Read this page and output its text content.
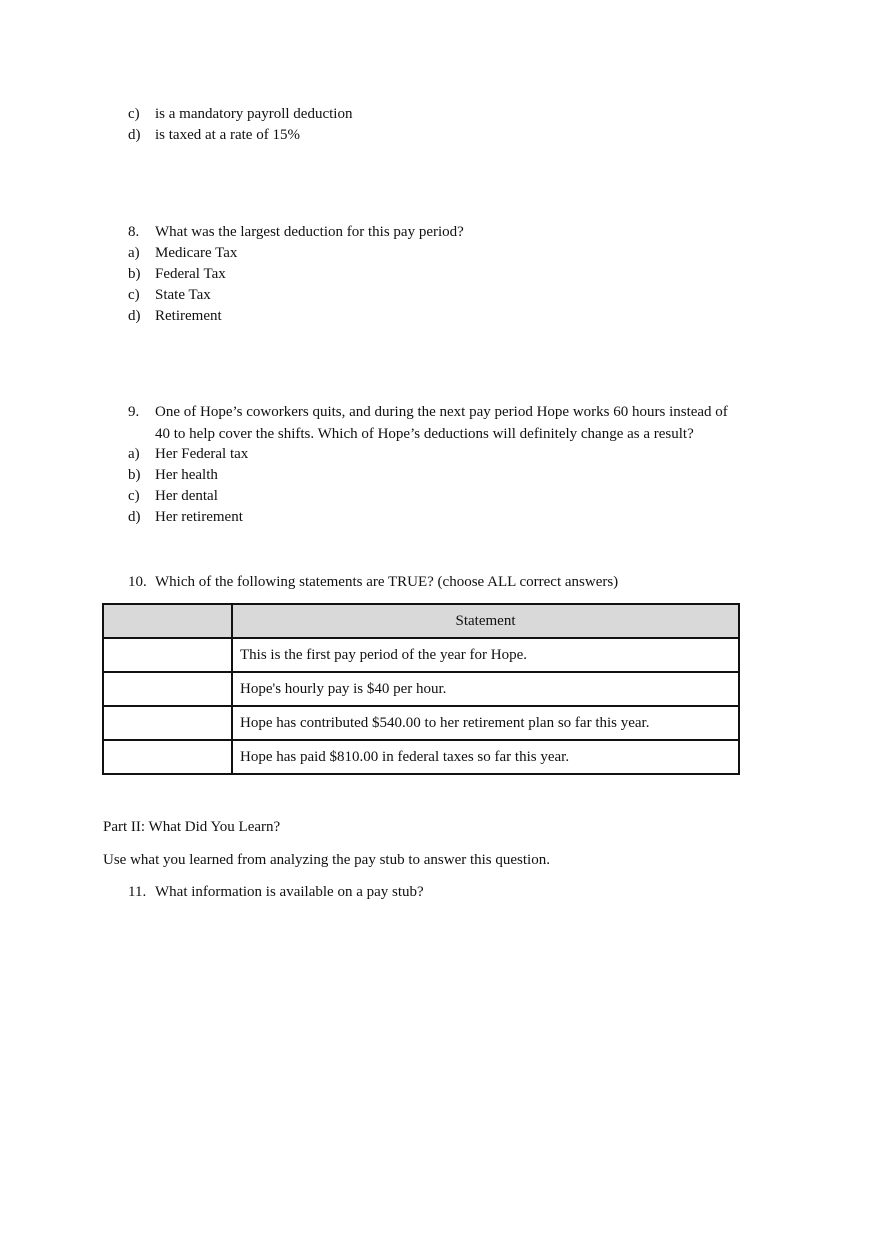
c) is a mandatory payroll deduction
d) is taxed at a rate of 15%
8. What was the largest deduction for this pay period?
a) Medicare Tax
b) Federal Tax
c) State Tax
d) Retirement
9. One of Hope’s coworkers quits, and during the next pay period Hope works 60 hours instead of
40 to help cover the shifts. Which of Hope’s deductions will definitely change as a result?
a) Her Federal tax
b) Her health
c) Her dental
d) Her retirement
10. Which of the following statements are TRUE? (choose ALL correct answers)
	Statement
	This is the first pay period of the year for Hope.
	Hope's hourly pay is $40 per hour.
	Hope has contributed $540.00 to her retirement plan so far this year.
	Hope has paid $810.00 in federal taxes so far this year.
Part II: What Did You Learn?
Use what you learned from analyzing the pay stub to answer this question.
11. What information is available on a pay stub?
